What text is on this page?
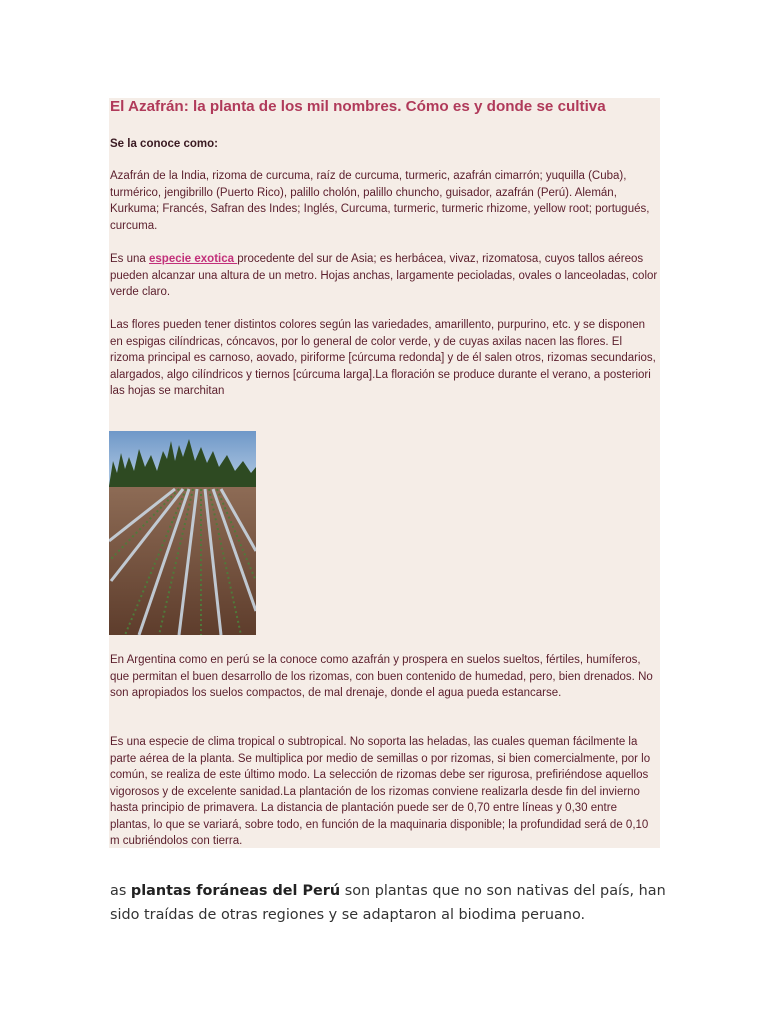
El Azafrán: la planta de los mil nombres. Cómo es y donde se cultiva

Se la conoce como:

Azafrán de la India, rizoma de curcuma, raíz de curcuma, turmeric, azafrán cimarrón; yuquilla (Cuba), turmérico, jengibrillo (Puerto Rico), palillo cholón, palillo chuncho, guisador, azafrán (Perú). Alemán, Kurkuma; Francés, Safran des Indes; Inglés, Curcuma, turmeric, turmeric rhizome, yellow root; portugués, curcuma.

Es una especie exotica procedente del sur de Asia; es herbácea, vivaz, rizomatosa, cuyos tallos aéreos pueden alcanzar una altura de un metro. Hojas anchas, largamente pecioladas, ovales o lanceoladas, color verde claro.

Las flores pueden tener distintos colores según las variedades, amarillento, purpurino, etc. y se disponen en espigas cilíndricas, cóncavos, por lo general de color verde, y de cuyas axilas nacen las flores. El rizoma principal es carnoso, aovado, piriforme [cúrcuma redonda] y de él salen otros, rizomas secundarios, alargados, algo cilíndricos y tiernos [cúrcuma larga].La floración se produce durante el verano, a posteriori las hojas se marchitan

En Argentina como en perú se la conoce como azafrán y prospera en suelos sueltos, fértiles, humíferos, que permitan el buen desarrollo de los rizomas, con buen contenido de humedad, pero, bien drenados. No son apropiados los suelos compactos, de mal drenaje, donde el agua pueda estancarse.

Es una especie de clima tropical o subtropical. No soporta las heladas, las cuales queman fácilmente la parte aérea de la planta. Se multiplica por medio de semillas o por rizomas, si bien comercialmente, por lo común, se realiza de este último modo. La selección de rizomas debe ser rigurosa, prefiriéndose aquellos vigorosos y de excelente sanidad.La plantación de los rizomas conviene realizarla desde fin del invierno hasta principio de primavera. La distancia de plantación puede ser de 0,70 entre líneas y 0,30 entre plantas, lo que se variará, sobre todo, en función de la maquinaria disponible; la profundidad será de 0,10 m cubriéndolos con tierra.

as plantas foráneas del Perú son plantas que no son nativas del país, han sido traídas de otras regiones y se adaptaron al biodima peruano.
